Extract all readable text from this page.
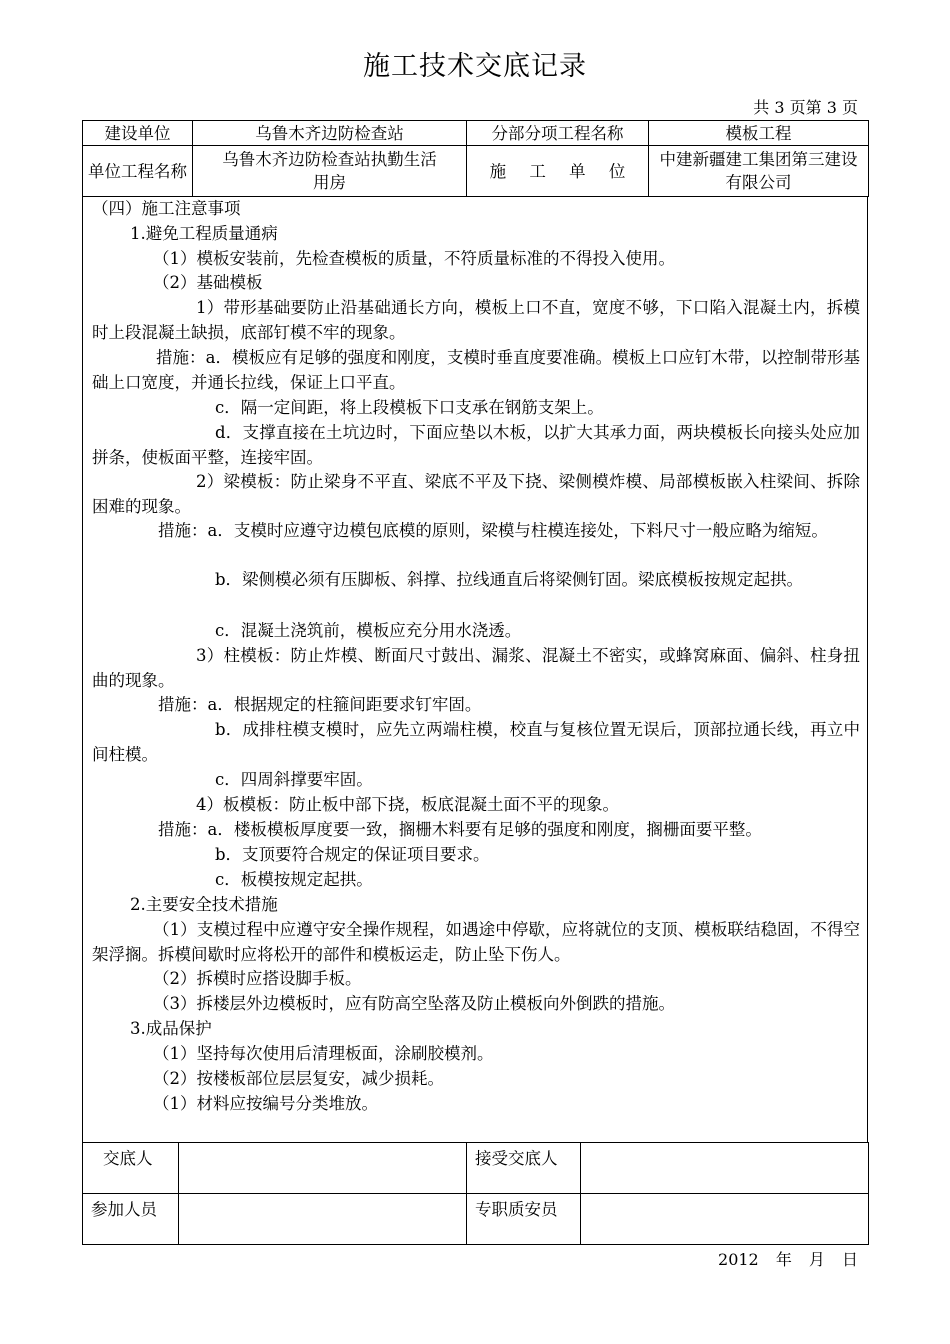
施工技术交底记录
共 3 页第 3 页
建设单位	乌鲁木齐边防检查站	分部分项工程名称	模板工程
单位工程名称	乌鲁木齐边防检查站执勤生活用房	施 工 单 位	中建新疆建工集团第三建设有限公司
（四）施工注意事项
1.避免工程质量通病
（1）模板安装前，先检查模板的质量，不符质量标准的不得投入使用。
（2）基础模板
1）带形基础要防止沿基础通长方向，模板上口不直，宽度不够，下口陷入混凝土内，拆模时上段混凝土缺损，底部钉模不牢的现象。
措施：a．模板应有足够的强度和刚度，支模时垂直度要准确。模板上口应钉木带，以控制带形基础上口宽度，并通长拉线，保证上口平直。
c．隔一定间距，将上段模板下口支承在钢筋支架上。
d．支撑直接在土坑边时，下面应垫以木板，以扩大其承力面，两块模板长向接头处应加拼条，使板面平整，连接牢固。
2）梁模板：防止梁身不平直、梁底不平及下挠、梁侧模炸模、局部模板嵌入柱梁间、拆除困难的现象。
措施：a．支模时应遵守边模包底模的原则，梁模与柱模连接处，下料尺寸一般应略为缩短。
b．梁侧模必须有压脚板、斜撑、拉线通直后将梁侧钉固。梁底模板按规定起拱。
c．混凝土浇筑前，模板应充分用水浇透。
3）柱模板：防止炸模、断面尺寸鼓出、漏浆、混凝土不密实，或蜂窝麻面、偏斜、柱身扭曲的现象。
措施：a．根据规定的柱箍间距要求钉牢固。
b．成排柱模支模时，应先立两端柱模，校直与复核位置无误后，顶部拉通长线，再立中间柱模。
c．四周斜撑要牢固。
4）板模板：防止板中部下挠，板底混凝土面不平的现象。
措施：a．楼板模板厚度要一致，搁栅木料要有足够的强度和刚度，搁栅面要平整。
b．支顶要符合规定的保证项目要求。
c．板模按规定起拱。
2.主要安全技术措施
（1）支模过程中应遵守安全操作规程，如遇途中停歇，应将就位的支顶、模板联结稳固，不得空架浮搁。拆模间歇时应将松开的部件和模板运走，防止坠下伤人。
（2）拆模时应搭设脚手板。
（3）拆楼层外边模板时，应有防高空坠落及防止模板向外倒跌的措施。
3.成品保护
（1）坚持每次使用后清理板面，涂刷胶模剂。
（2）按楼板部位层层复安，减少损耗。
（1）材料应按编号分类堆放。
交底人		接受交底人	
参加人员		专职质安员	
2012 年 月 日
